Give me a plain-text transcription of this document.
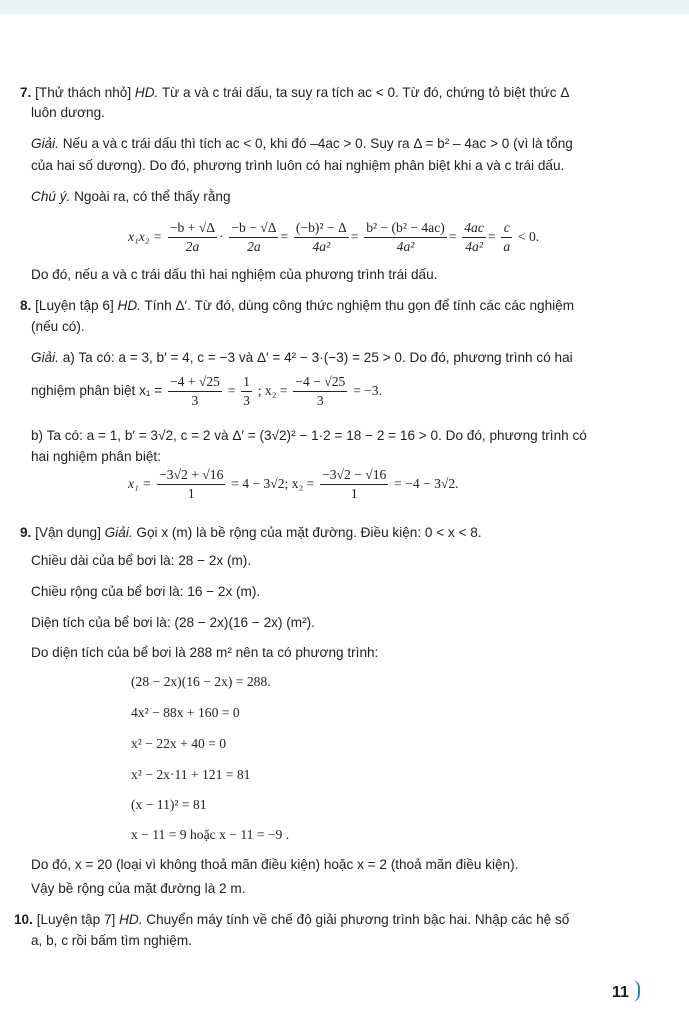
7. [Thử thách nhỏ] HD. Từ a và c trái dấu, ta suy ra tích ac < 0. Từ đó, chứng tỏ biệt thức Δ
luôn dương.
Giải. Nếu a và c trái dấu thì tích ac < 0, khi đó –4ac > 0. Suy ra Δ = b² – 4ac > 0 (vì là tổng
của hai số dương). Do đó, phương trình luôn có hai nghiệm phân biệt khi a và c trái dấu.
Chú ý. Ngoài ra, có thể thấy rằng
$x_1x_2 = \frac{-b + √\Delta}{2a} \cdot \frac{-b - √\Delta}{2a} = \frac{\text{(−b)² − Δ}}{\text{4a²}} = \frac{\text{b² − (b² − 4ac)}}{\text{4a²}} = \frac{4ac}{\text{4a²}} = \frac{c}{a} < 0$.
Do đó, nếu a và c trái dấu thì hai nghiệm của phương trình trái dấu.
8. [Luyện tập 6] HD. Tính Δ′. Từ đó, dùng công thức nghiệm thu gọn để tính các các nghiệm
(nếu có).
Giải. a) Ta có: a = 3, b′ = 4, c = −3 và Δ′ = 4² − 3·(−3) = 25 > 0. Do đó, phương trình có hai
nghiệm phân biệt $x_1 = \frac{-4 + √25}{3} = \frac{1}{3}$ ; $x_2 = \frac{-4 - √25}{3} = -3$.
b) Ta có: a = 1, b′ = 3√2, c = 2 và Δ′ = (3√2)² − 1·2 = 18 − 2 = 16 > 0. Do đó, phương trình có
hai nghiệm phân biệt:
$x_1 = \frac{-3√2 + √16}{1} = 4 - 3√2$; $x_2 = \frac{-3√2 - √16}{1} = -4 - 3√2$.
9. [Vận dụng] Giải. Gọi x (m) là bề rộng của mặt đường. Điều kiện: 0 < x < 8.
Chiều dài của bể bơi là: 28 − 2x (m).
Chiều rộng của bể bơi là: 16 − 2x (m).
Diện tích của bể bơi là: (28 − 2x)(16 − 2x) (m²).
Do diện tích của bể bơi là 288 m² nên ta có phương trình:
(28 − 2x)(16 − 2x) = 288.
4x² − 88x + 160 = 0
x² − 22x + 40 = 0
x² − 2x·11 + 121 = 81
(x − 11)² = 81
x − 11 = 9 hoặc x − 11 = −9 .
Do đó, x = 20 (loại vì không thoả mãn điều kiện) hoặc x = 2 (thoả mãn điều kiện).
Vậy bề rộng của mặt đường là 2 m.
10. [Luyện tập 7] HD. Chuyển máy tính về chế độ giải phương trình bậc hai. Nhập các hệ số
a, b, c rồi bấm tìm nghiệm.
11
